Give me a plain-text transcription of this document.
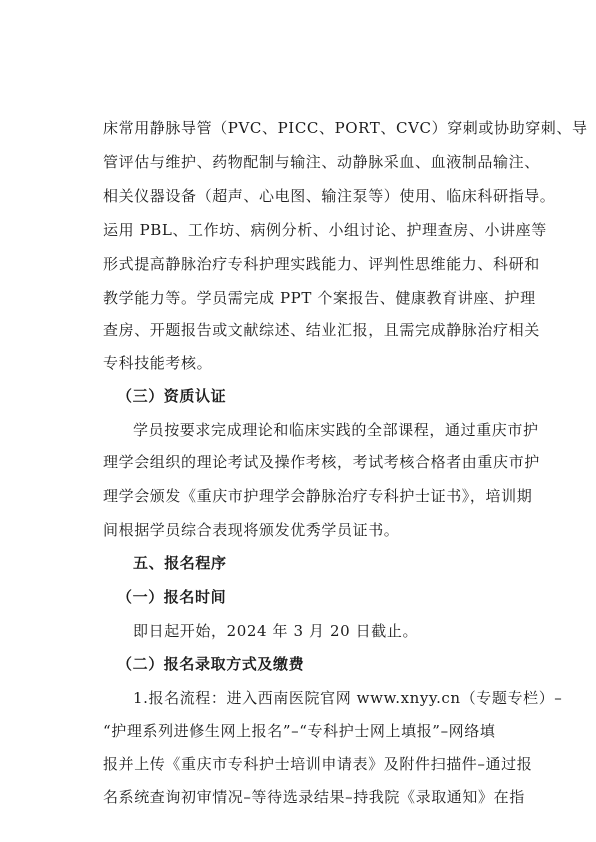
床常用静脉导管（PVC、PICC、PORT、CVC）穿刺或协助穿刺、导
管评估与维护、药物配制与输注、动静脉采血、血液制品输注、
相关仪器设备（超声、心电图、输注泵等）使用、临床科研指导。
运用 PBL、工作坊、病例分析、小组讨论、护理查房、小讲座等
形式提高静脉治疗专科护理实践能力、评判性思维能力、科研和
教学能力等。学员需完成 PPT 个案报告、健康教育讲座、护理
查房、开题报告或文献综述、结业汇报，且需完成静脉治疗相关
专科技能考核。
（三）资质认证
学员按要求完成理论和临床实践的全部课程，通过重庆市护
理学会组织的理论考试及操作考核，考试考核合格者由重庆市护
理学会颁发《重庆市护理学会静脉治疗专科护士证书》，培训期
间根据学员综合表现将颁发优秀学员证书。
五、报名程序
（一）报名时间
即日起开始，2024 年 3 月 20 日截止。
（二）报名录取方式及缴费
1.报名流程：进入西南医院官网 www.xnyy.cn（专题专栏）–
“护理系列进修生网上报名”–“专科护士网上填报”–网络填
报并上传《重庆市专科护士培训申请表》及附件扫描件–通过报
名系统查询初审情况–等待选录结果–持我院《录取通知》在指
